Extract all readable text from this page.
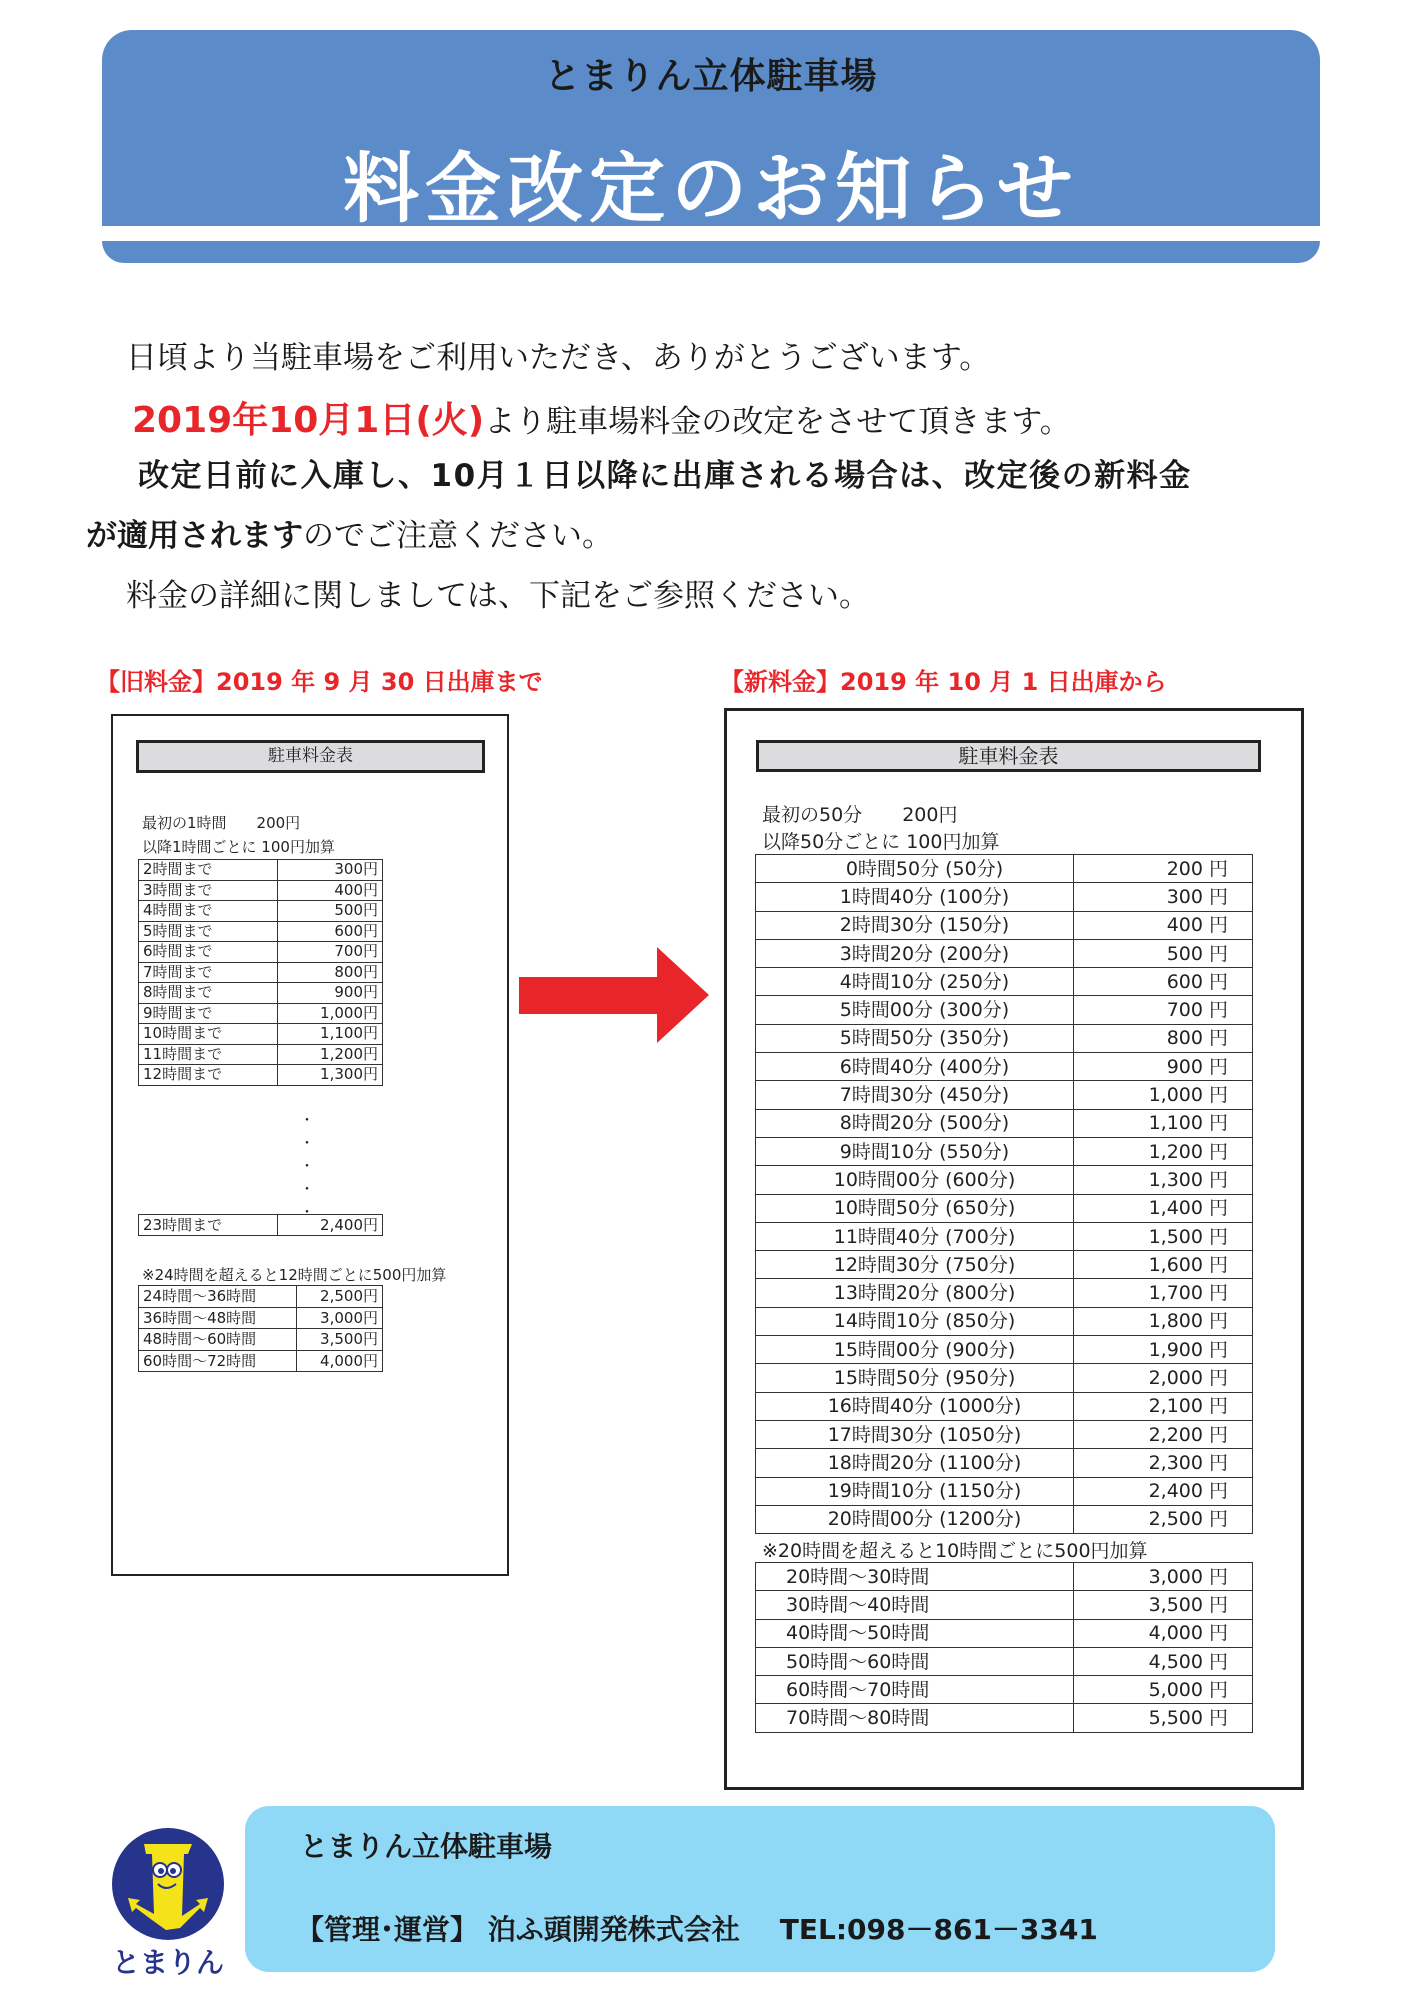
とまりん立体駐車場
料金改定のお知らせ
日頃より当駐車場をご利用いただき、ありがとうございます。
2019年10月1日(火)より駐車場料金の改定をさせて頂きます。
改定日前に入庫し、10月１日以降に出庫される場合は、改定後の新料金
が適用されますのでご注意ください。
料金の詳細に関しましては、下記をご参照ください。
【旧料金】2019 年 9 月 30 日出庫まで	【新料金】2019 年 10 月 1 日出庫から
駐車料金表
最初の1時間 200円
以降1時間ごとに 100円加算
2時間まで	300円
3時間まで	400円
4時間まで	500円
5時間まで	600円
6時間まで	700円
7時間まで	800円
8時間まで	900円
9時間まで	1,000円
10時間まで	1,100円
11時間まで	1,200円
12時間まで	1,300円
・
・
・
・
・
23時間まで	2,400円
※24時間を超えると12時間ごとに500円加算
24時間～36時間	2,500円
36時間～48時間	3,000円
48時間～60時間	3,500円
60時間～72時間	4,000円
駐車料金表
最初の50分 200円
以降50分ごとに 100円加算
0時間50分 (50分)	200 円
1時間40分 (100分)	300 円
2時間30分 (150分)	400 円
3時間20分 (200分)	500 円
4時間10分 (250分)	600 円
5時間00分 (300分)	700 円
5時間50分 (350分)	800 円
6時間40分 (400分)	900 円
7時間30分 (450分)	1,000 円
8時間20分 (500分)	1,100 円
9時間10分 (550分)	1,200 円
10時間00分 (600分)	1,300 円
10時間50分 (650分)	1,400 円
11時間40分 (700分)	1,500 円
12時間30分 (750分)	1,600 円
13時間20分 (800分)	1,700 円
14時間10分 (850分)	1,800 円
15時間00分 (900分)	1,900 円
15時間50分 (950分)	2,000 円
16時間40分 (1000分)	2,100 円
17時間30分 (1050分)	2,200 円
18時間20分 (1100分)	2,300 円
19時間10分 (1150分)	2,400 円
20時間00分 (1200分)	2,500 円
※20時間を超えると10時間ごとに500円加算
20時間～30時間	3,000 円
30時間～40時間	3,500 円
40時間～50時間	4,000 円
50時間～60時間	4,500 円
60時間～70時間	5,000 円
70時間～80時間	5,500 円
とまりん
とまりん立体駐車場
【管理･運営】 泊ふ頭開発株式会社 TEL:098－861－3341
